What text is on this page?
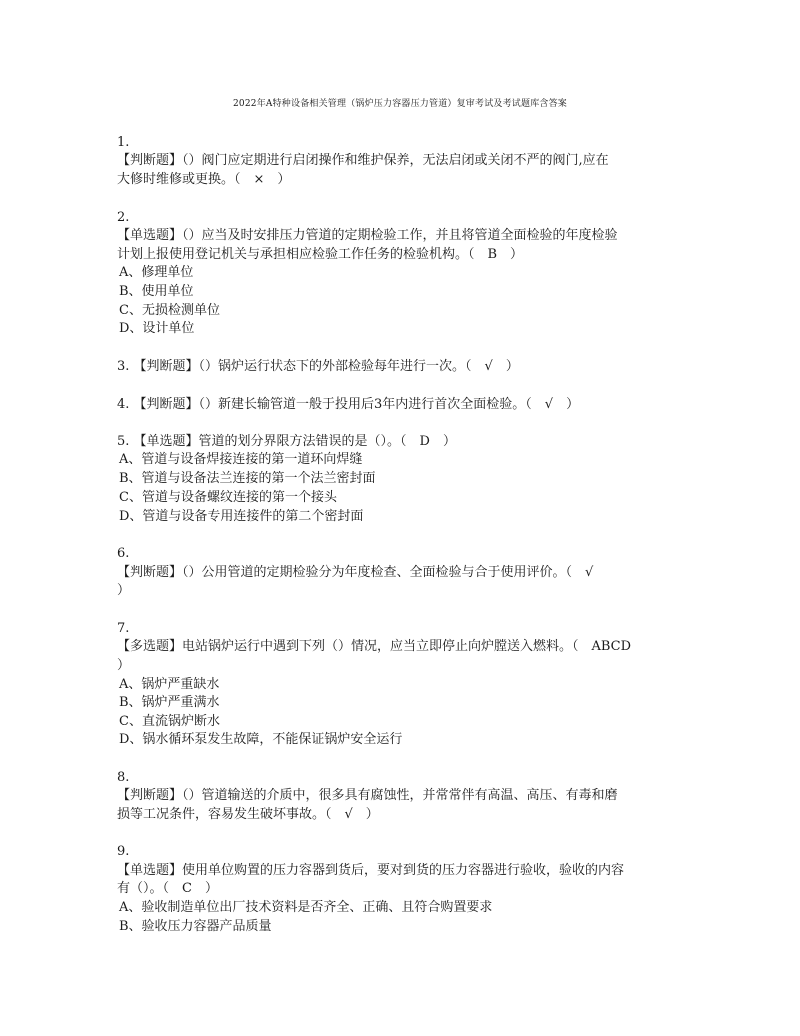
2022年A特种设备相关管理（锅炉压力容器压力管道）复审考试及考试题库含答案
1.
【判断题】（）阀门应定期进行启闭操作和维护保养，无法启闭或关闭不严的阀门,应在
大修时维修或更换。（　×　）
2.
【单选题】（）应当及时安排压力管道的定期检验工作，并且将管道全面检验的年度检验
计划上报使用登记机关与承担相应检验工作任务的检验机构。（　B　）
A、修理单位
B、使用单位
C、无损检测单位
D、设计单位
3. 【判断题】（）锅炉运行状态下的外部检验每年进行一次。（　√　）
4. 【判断题】（）新建长输管道一般于投用后3年内进行首次全面检验。（　√　）
5. 【单选题】管道的划分界限方法错误的是（）。（　D　）
A、管道与设备焊接连接的第一道环向焊缝
B、管道与设备法兰连接的第一个法兰密封面
C、管道与设备螺纹连接的第一个接头
D、管道与设备专用连接件的第二个密封面
6.
【判断题】（）公用管道的定期检验分为年度检查、全面检验与合于使用评价。（　√
）
7.
【多选题】电站锅炉运行中遇到下列（）情况，应当立即停止向炉膛送入燃料。（　ABCD
）
A、锅炉严重缺水
B、锅炉严重满水
C、直流锅炉断水
D、锅水循环泵发生故障，不能保证锅炉安全运行
8.
【判断题】（）管道输送的介质中，很多具有腐蚀性，并常常伴有高温、高压、有毒和磨
损等工况条件，容易发生破坏事故。（　√　）
9.
【单选题】使用单位购置的压力容器到货后，要对到货的压力容器进行验收，验收的内容
有（）。（　C　）
A、验收制造单位出厂技术资料是否齐全、正确、且符合购置要求
B、验收压力容器产品质量
